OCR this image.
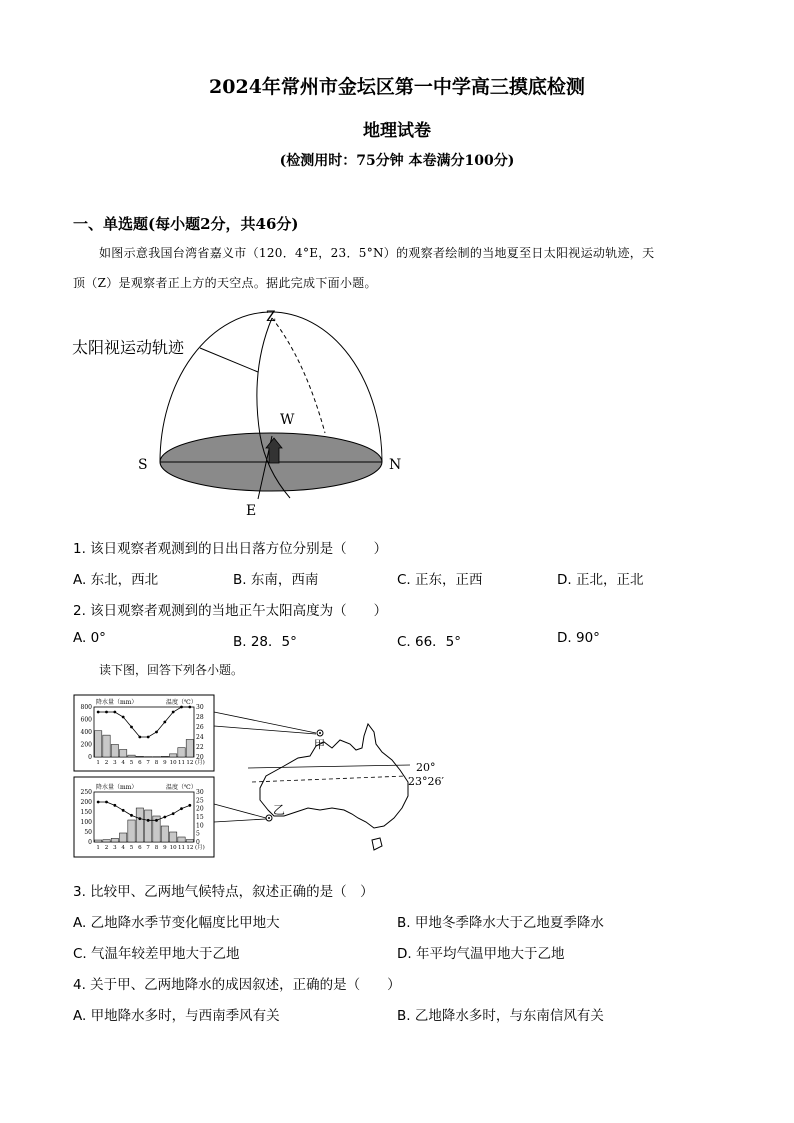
2024年常州市金坛区第一中学高三摸底检测
地理试卷
(检测用时：75分钟 本卷满分100分)
一、单选题(每小题2分，共46分)
如图示意我国台湾省嘉义市（120．4°E，23．5°N）的观察者绘制的当地夏至日太阳视运动轨迹，天
顶（Z）是观察者正上方的天空点。据此完成下面小题。
太阳视运动轨迹
Z
W
S	N
E
1. 该日观察者观测到的日出日落方位分别是（　　）
A. 东北，西北	B. 东南，西南	C. 正东，正西	D. 正北，正北
2. 该日观察者观测到的当地正午太阳高度为（　　）
A. 0°	B. 28．5°	C. 66．5°	D. 90°
读下图，回答下列各小题。
降水量（mm）	温度（℃）
800
600
400
200
0
30
28
26
24
22
20
1 2 3 4 5 6 7 8 9 10 11 12 (月)
降水量（mm）	温度（℃）
250
200
150
100
50
0
30
25
20
15
10
5
0
1 2 3 4 5 6 7 8 9 10 11 12 (月)
20°
23°26′
甲
乙
3. 比较甲、乙两地气候特点，叙述正确的是（　）
A. 乙地降水季节变化幅度比甲地大	B. 甲地冬季降水大于乙地夏季降水
C. 气温年较差甲地大于乙地	D. 年平均气温甲地大于乙地
4. 关于甲、乙两地降水的成因叙述，正确的是（　　）
A. 甲地降水多时，与西南季风有关	B. 乙地降水多时，与东南信风有关
